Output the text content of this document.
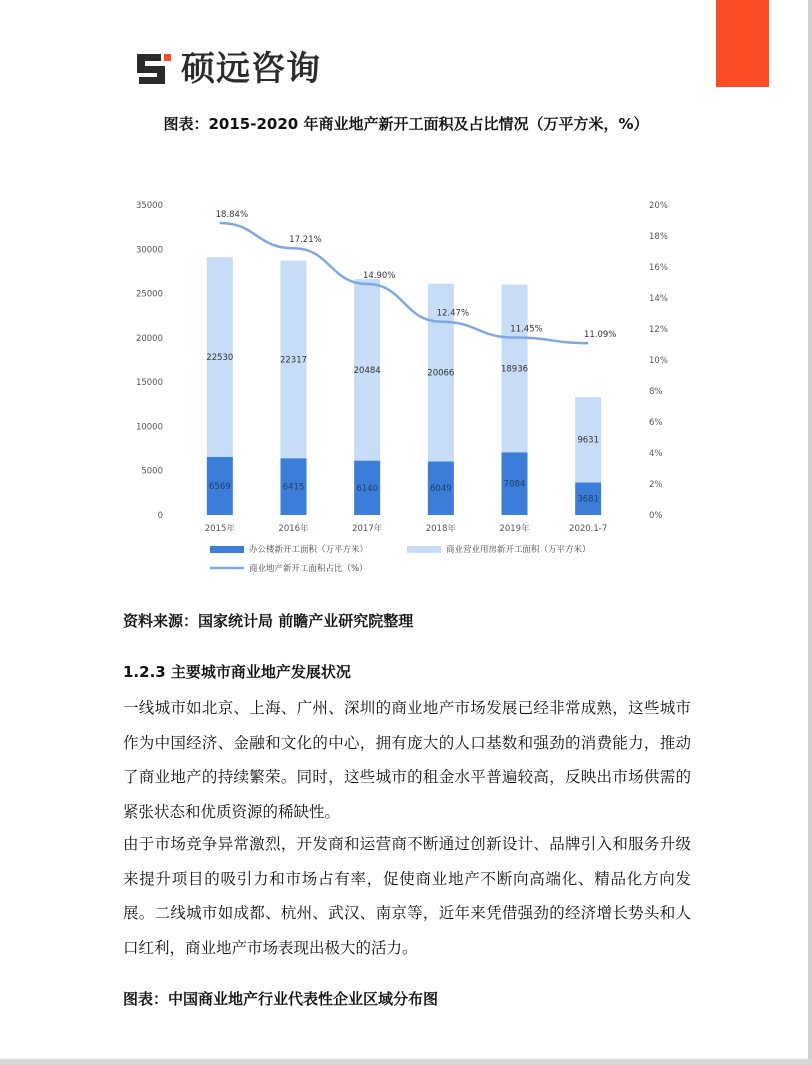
硕远咨询
图表：2015-2020 年商业地产新开工面积及占比情况（万平方米，%）
0
5000
10000
15000
20000
25000
30000
35000
0%
2%
4%
6%
8%
10%
12%
14%
16%
18%
20%
6569
22530
2015年
6415
22317
2016年
6140
20484
2017年
6049
20066
2018年
7084
18936
2019年
3681
9631
2020.1-7
18.84%
17.21%
14.90%
12.47%
11.45%
11.09%
办公楼新开工面积（万平方米）	商业营业用房新开工面积（万平方米）
商业地产新开工面积占比（%）
资料来源：国家统计局 前瞻产业研究院整理
1.2.3 主要城市商业地产发展状况
一线城市如北京、上海、广州、深圳的商业地产市场发展已经非常成熟，这些城市作为中国经济、金融和文化的中心，拥有庞大的人口基数和强劲的消费能力，推动了商业地产的持续繁荣。同时，这些城市的租金水平普遍较高，反映出市场供需的紧张状态和优质资源的稀缺性。
由于市场竞争异常激烈，开发商和运营商不断通过创新设计、品牌引入和服务升级来提升项目的吸引力和市场占有率，促使商业地产不断向高端化、精品化方向发展。二线城市如成都、杭州、武汉、南京等，近年来凭借强劲的经济增长势头和人口红利，商业地产市场表现出极大的活力。
图表：中国商业地产行业代表性企业区域分布图
